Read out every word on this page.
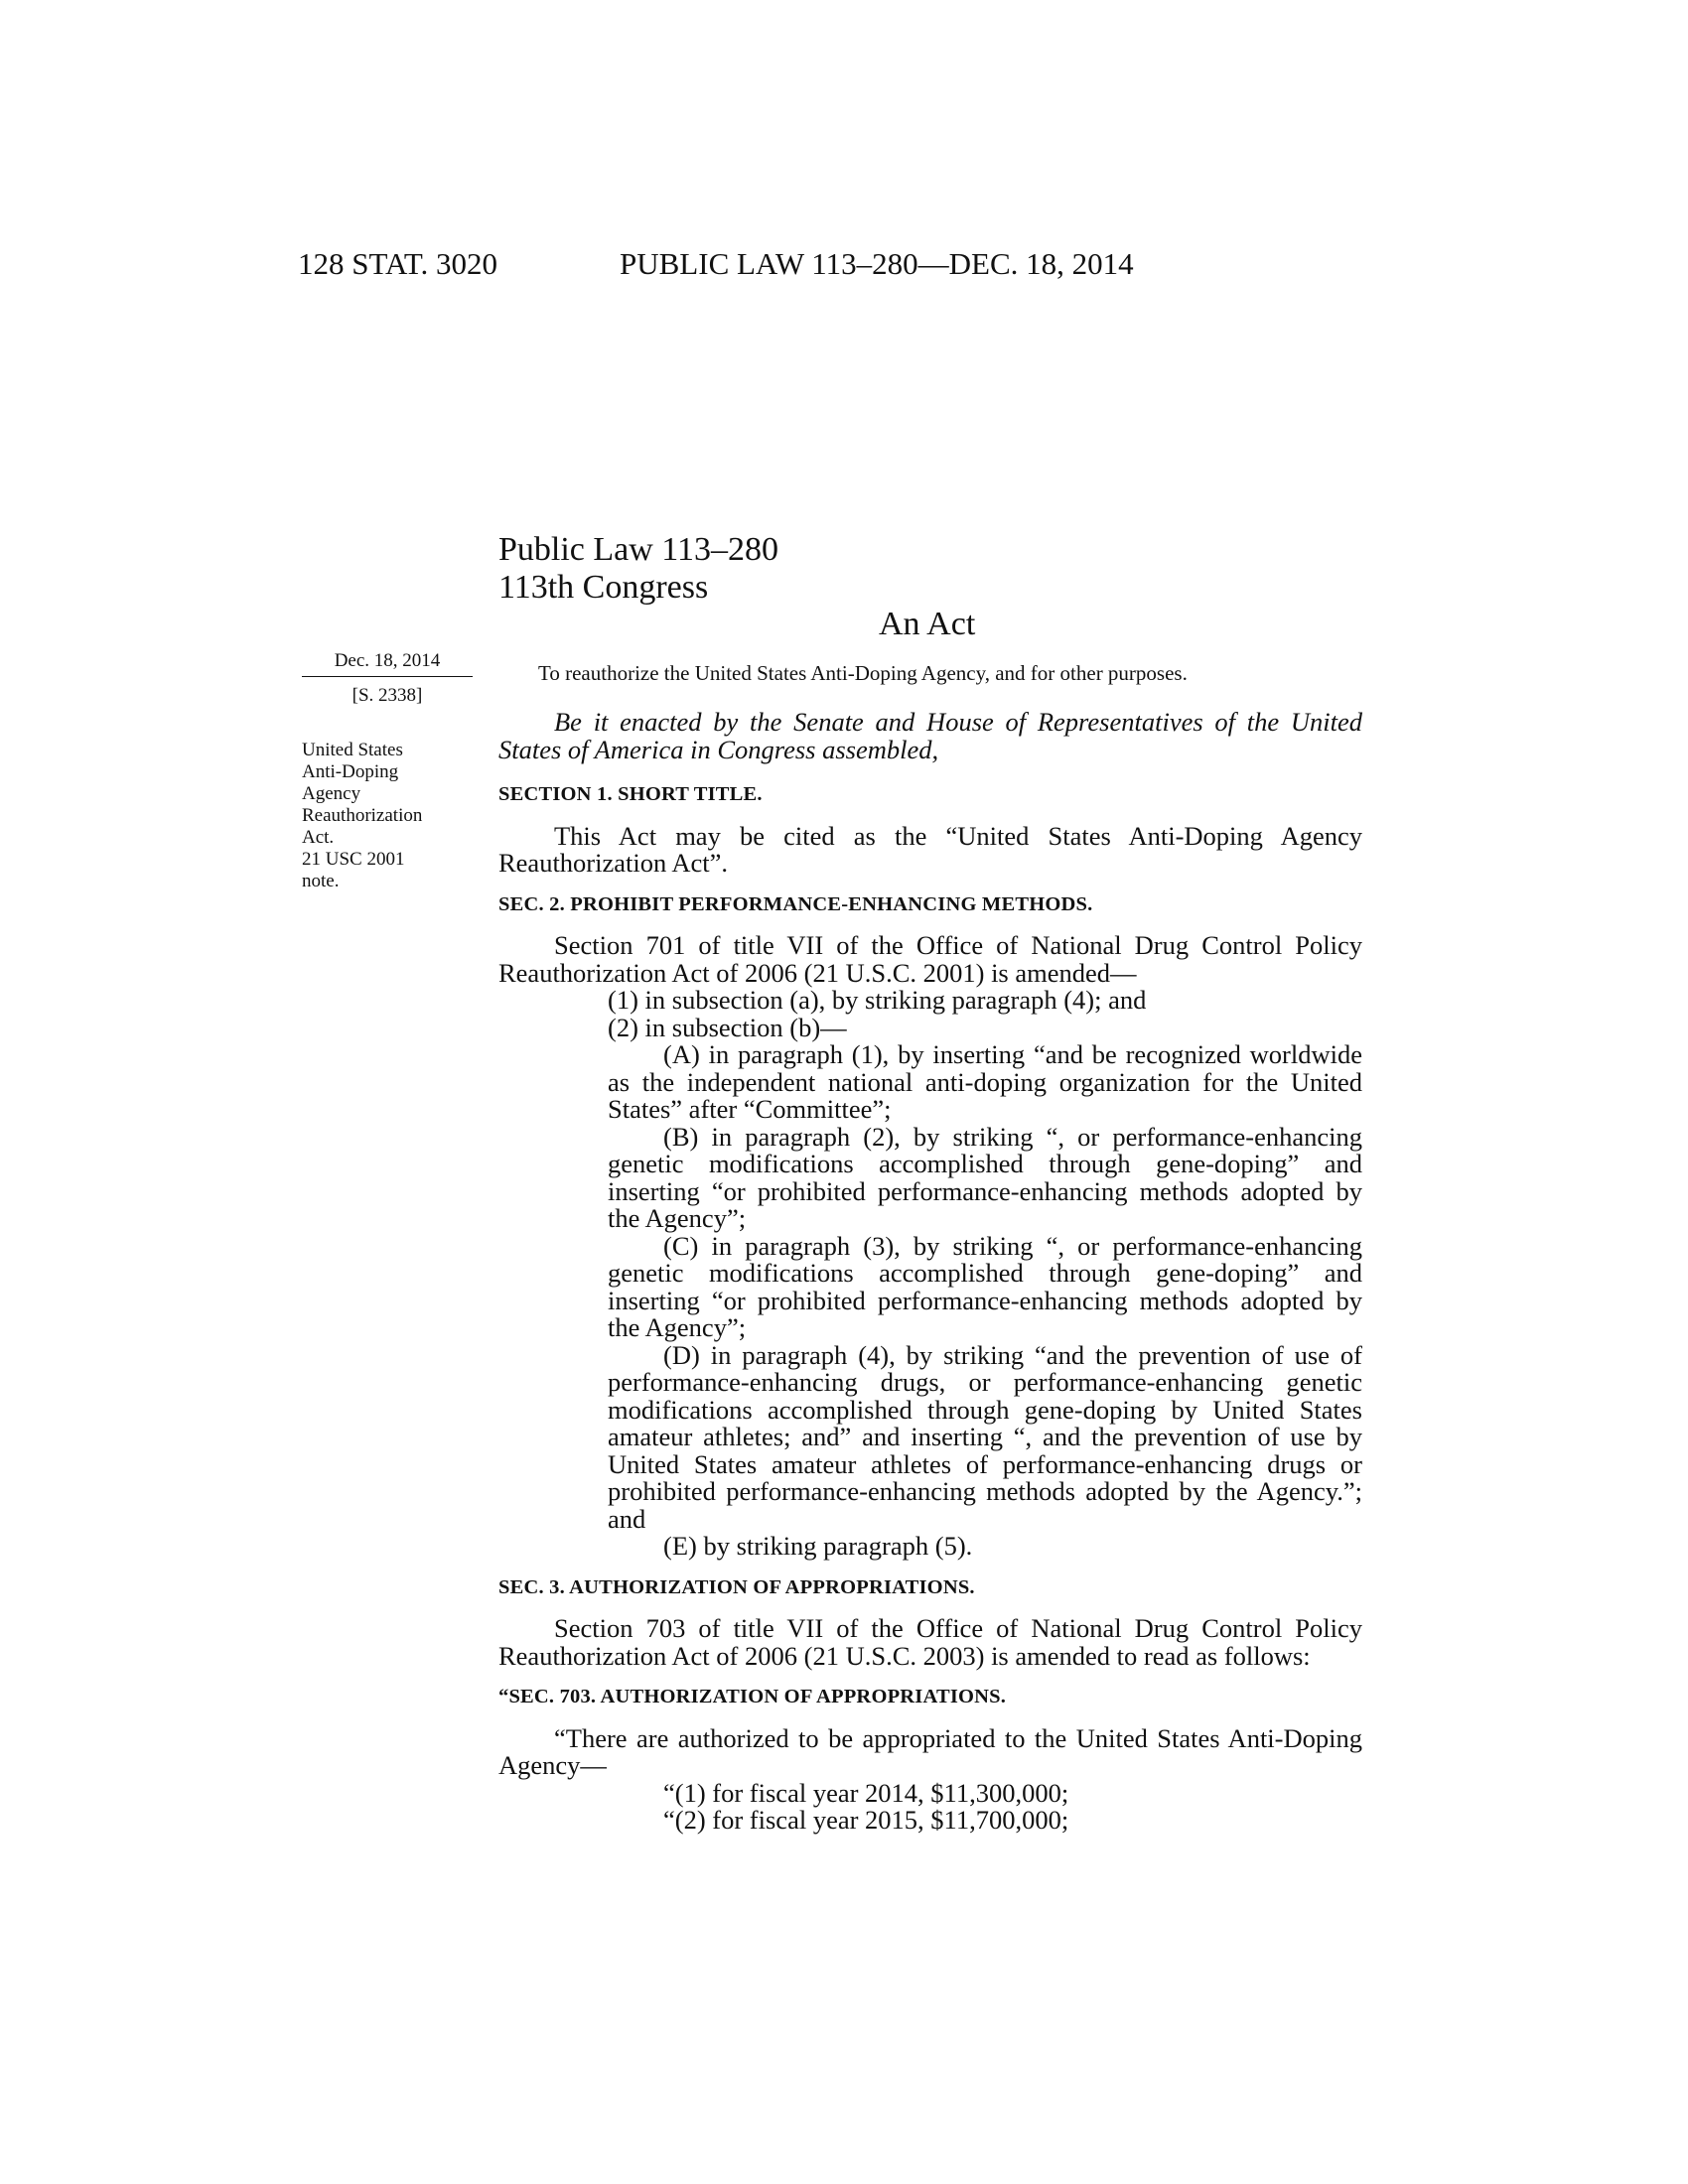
128 STAT. 3020	PUBLIC LAW 113–280—DEC. 18, 2014
Public Law 113–280
113th Congress
An Act
Dec. 18, 2014
[S. 2338]
United States
Anti-Doping
Agency
Reauthorization
Act.
21 USC 2001
note.
To reauthorize the United States Anti-Doping Agency, and for other purposes.

Be it enacted by the Senate and House of Representatives of the United States of America in Congress assembled,

SECTION 1. SHORT TITLE.

This Act may be cited as the “United States Anti-Doping Agency Reauthorization Act”.

SEC. 2. PROHIBIT PERFORMANCE-ENHANCING METHODS.

Section 701 of title VII of the Office of National Drug Control Policy Reauthorization Act of 2006 (21 U.S.C. 2001) is amended—

(1) in subsection (a), by striking paragraph (4); and

(2) in subsection (b)—

(A) in paragraph (1), by inserting “and be recognized worldwide as the independent national anti-doping organization for the United States” after “Committee”;

(B) in paragraph (2), by striking “, or performance-enhancing genetic modifications accomplished through gene-doping” and inserting “or prohibited performance-enhancing methods adopted by the Agency”;

(C) in paragraph (3), by striking “, or performance-enhancing genetic modifications accomplished through gene-doping” and inserting “or prohibited performance-enhancing methods adopted by the Agency”;

(D) in paragraph (4), by striking “and the prevention of use of performance-enhancing drugs, or performance-enhancing genetic modifications accomplished through gene-doping by United States amateur athletes; and” and inserting “, and the prevention of use by United States amateur athletes of performance-enhancing drugs or prohibited performance-enhancing methods adopted by the Agency.”; and

(E) by striking paragraph (5).

SEC. 3. AUTHORIZATION OF APPROPRIATIONS.

Section 703 of title VII of the Office of National Drug Control Policy Reauthorization Act of 2006 (21 U.S.C. 2003) is amended to read as follows:

“SEC. 703. AUTHORIZATION OF APPROPRIATIONS.

“There are authorized to be appropriated to the United States Anti-Doping Agency—

“(1) for fiscal year 2014, $11,300,000;

“(2) for fiscal year 2015, $11,700,000;
